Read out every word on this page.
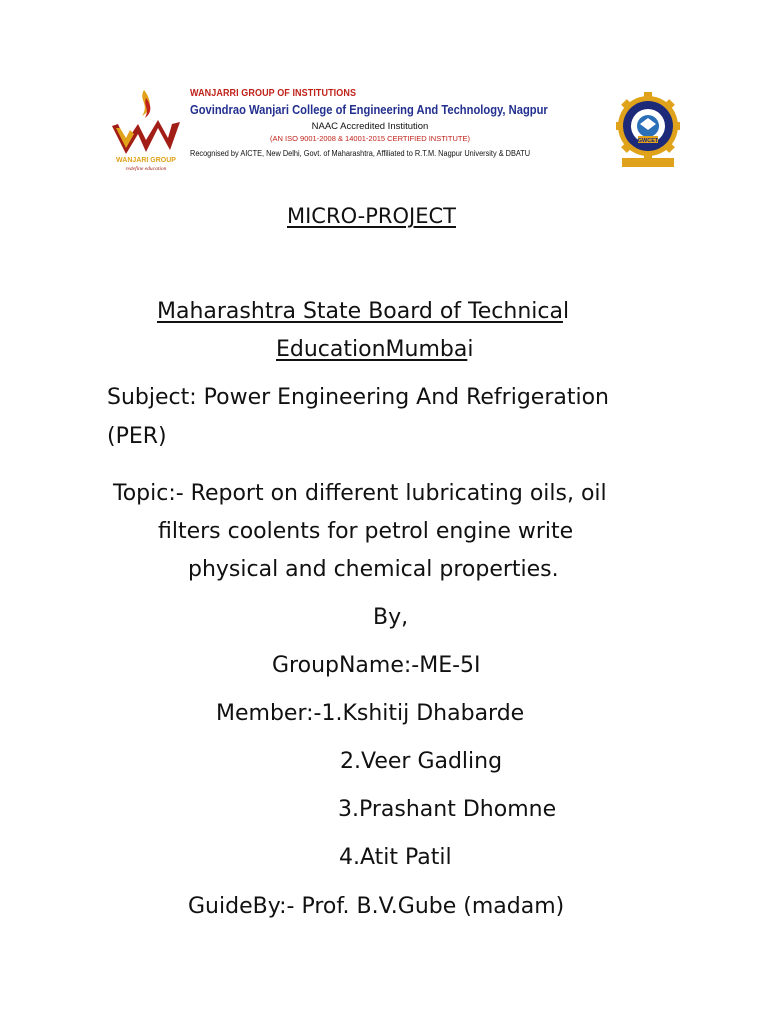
WANJARI GROUP
redefine education
WANJARRI GROUP OF INSTITUTIONS
Govindrao Wanjari College of Engineering And Technology, Nagpur
NAAC Accredited Institution
(AN ISO 9001-2008 & 14001-2015 CERTIFIED INSTITUTE)
Recognised by AICTE, New Delhi, Govt. of Maharashtra, Affiliated to R.T.M. Nagpur University & DBATU
GWCET
MICRO-PROJECT
Maharashtra State Board of Technical
EducationMumbai
Subject: Power Engineering And Refrigeration
(PER)
Topic:- Report on different lubricating oils, oil
filters coolents for petrol engine write
physical and chemical properties.
By,
GroupName:-ME-5I
Member:-1.Kshitij Dhabarde
2.Veer Gadling
3.Prashant Dhomne
4.Atit Patil
GuideBy:- Prof. B.V.Gube (madam)
